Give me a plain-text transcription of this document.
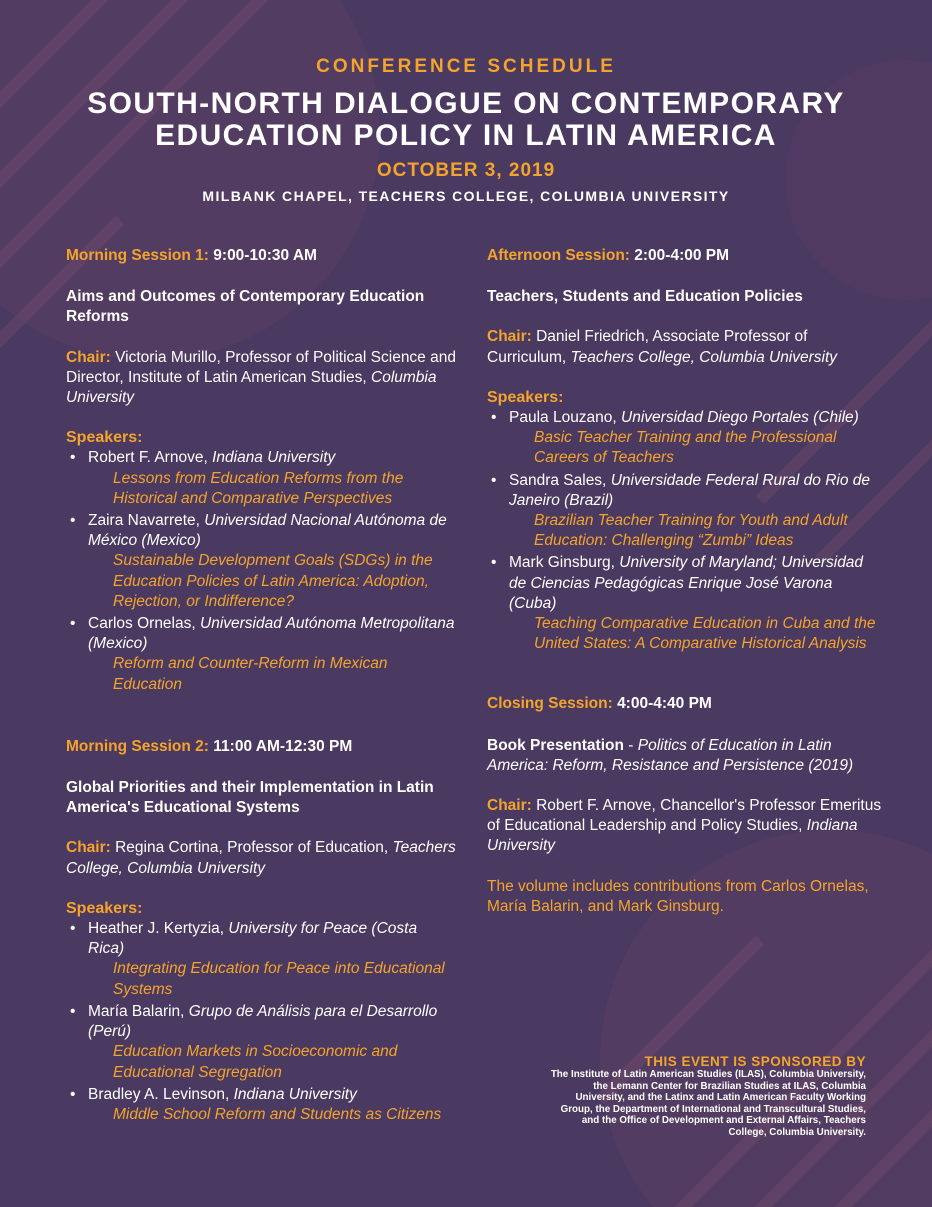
CONFERENCE SCHEDULE
SOUTH-NORTH DIALOGUE ON CONTEMPORARY
EDUCATION POLICY IN LATIN AMERICA
OCTOBER 3, 2019
MILBANK CHAPEL, TEACHERS COLLEGE, COLUMBIA UNIVERSITY
Morning Session 1: 9:00-10:30 AM
Aims and Outcomes of Contemporary Education Reforms
Chair: Victoria Murillo, Professor of Political Science and Director, Institute of Latin American Studies, Columbia University
Speakers:
• Robert F. Arnove, Indiana University
Lessons from Education Reforms from the Historical and Comparative Perspectives
• Zaira Navarrete, Universidad Nacional Autónoma de México (Mexico)
Sustainable Development Goals (SDGs) in the Education Policies of Latin America: Adoption, Rejection, or Indifference?
• Carlos Ornelas, Universidad Autónoma Metropolitana (Mexico)
Reform and Counter-Reform in Mexican Education
Morning Session 2: 11:00 AM-12:30 PM
Global Priorities and their Implementation in Latin America's Educational Systems
Chair: Regina Cortina, Professor of Education, Teachers College, Columbia University
Speakers:
• Heather J. Kertyzia, University for Peace (Costa Rica)
Integrating Education for Peace into Educational Systems
• María Balarin, Grupo de Análisis para el Desarrollo (Perú)
Education Markets in Socioeconomic and Educational Segregation
• Bradley A. Levinson, Indiana University
Middle School Reform and Students as Citizens
Afternoon Session: 2:00-4:00 PM
Teachers, Students and Education Policies
Chair: Daniel Friedrich, Associate Professor of Curriculum, Teachers College, Columbia University
Speakers:
• Paula Louzano, Universidad Diego Portales (Chile)
Basic Teacher Training and the Professional Careers of Teachers
• Sandra Sales, Universidade Federal Rural do Rio de Janeiro (Brazil)
Brazilian Teacher Training for Youth and Adult Education: Challenging “Zumbi” Ideas
• Mark Ginsburg, University of Maryland; Universidad de Ciencias Pedagógicas Enrique José Varona (Cuba)
Teaching Comparative Education in Cuba and the United States: A Comparative Historical Analysis
Closing Session: 4:00-4:40 PM
Book Presentation - Politics of Education in Latin America: Reform, Resistance and Persistence (2019)
Chair: Robert F. Arnove, Chancellor's Professor Emeritus of Educational Leadership and Policy Studies, Indiana University
The volume includes contributions from Carlos Ornelas, María Balarin, and Mark Ginsburg.
THIS EVENT IS SPONSORED BY
The Institute of Latin American Studies (ILAS), Columbia University, the Lemann Center for Brazilian Studies at ILAS, Columbia University, and the Latinx and Latin American Faculty Working Group, the Department of International and Transcultural Studies, and the Office of Development and External Affairs, Teachers College, Columbia University.
